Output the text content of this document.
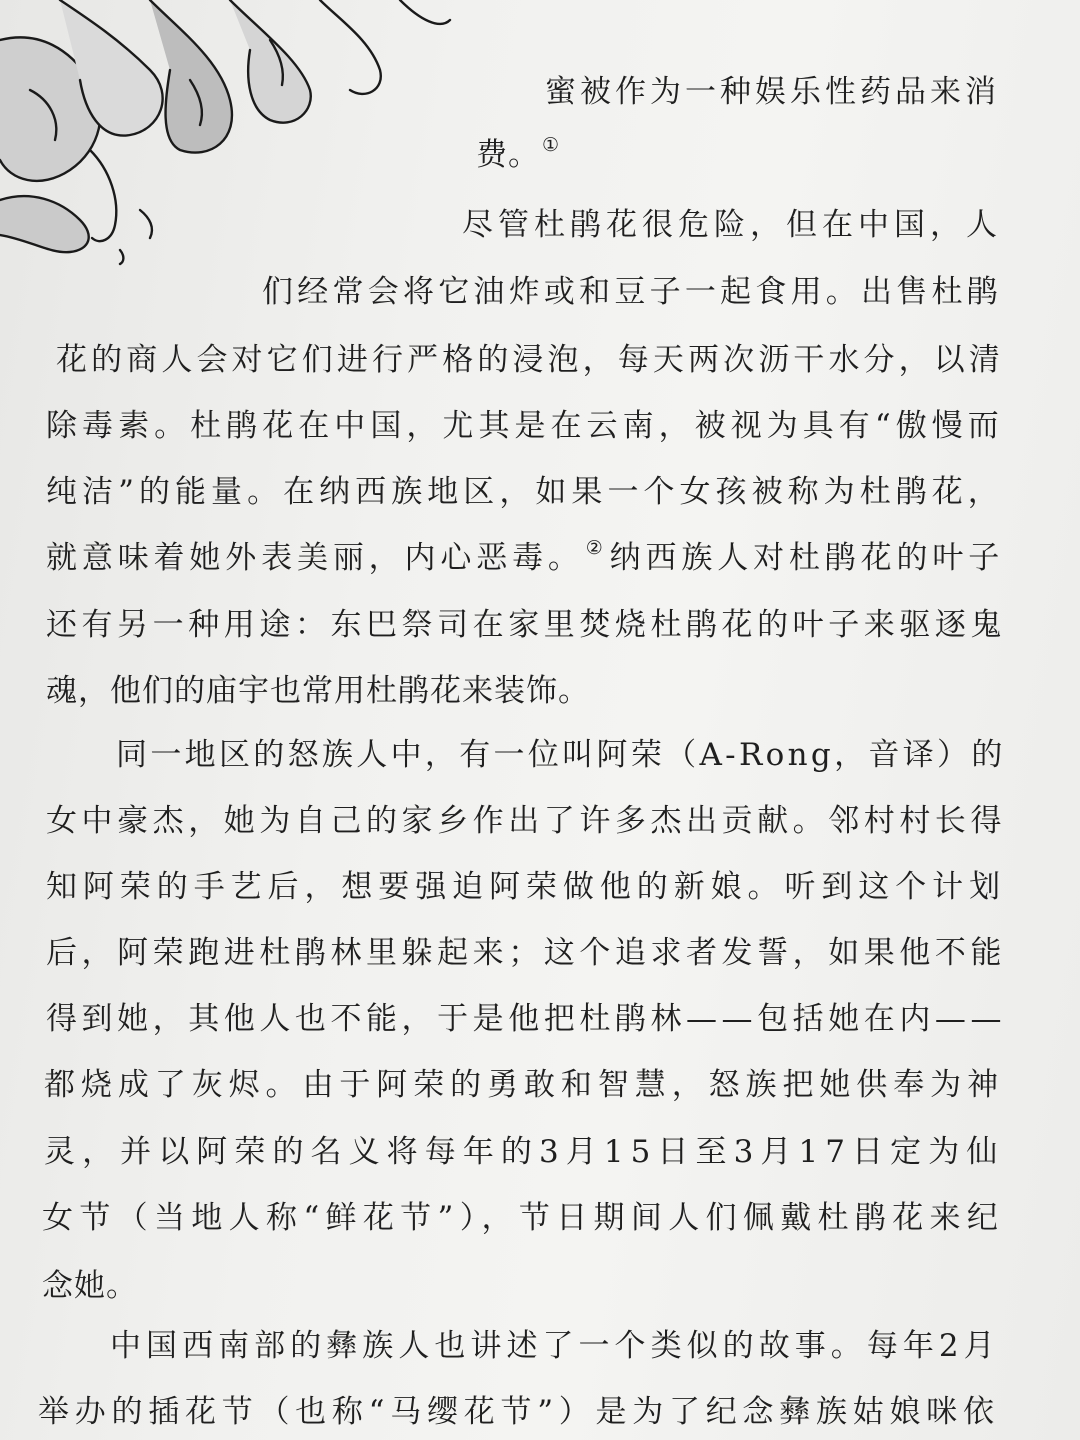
蜜被作为一种娱乐性药品来消
费。 ①
尽管杜鹃花很危险，但在中国，人
们经常会将它油炸或和豆子一起食用。出售杜鹃
花的商人会对它们进行严格的浸泡，每天两次沥干水分，以清
除毒素。杜鹃花在中国，尤其是在云南，被视为具有“傲慢而
纯洁”的能量。在纳西族地区，如果一个女孩被称为杜鹃花，
就意味着她外表美丽，内心恶毒。 ②纳西族人对杜鹃花的叶子
还有另一种用途：东巴祭司在家里焚烧杜鹃花的叶子来驱逐鬼
魂，他们的庙宇也常用杜鹃花来装饰。
同一地区的怒族人中，有一位叫阿荣（A-Rong，音译）的
女中豪杰，她为自己的家乡作出了许多杰出贡献。邻村村长得
知阿荣的手艺后，想要强迫阿荣做他的新娘。听到这个计划
后，阿荣跑进杜鹃林里躲起来；这个追求者发誓，如果他不能
得到她，其他人也不能，于是他把杜鹃林——包括她在内——
都烧成了灰烬。由于阿荣的勇敢和智慧，怒族把她供奉为神
灵，并以阿荣的名义将每年的3月15日至3月17日定为仙
女节（当地人称“鲜花节”），节日期间人们佩戴杜鹃花来纪
念她。
中国西南部的彝族人也讲述了一个类似的故事。每年2月
举办的插花节（也称“马缨花节”）是为了纪念彝族姑娘咪依
